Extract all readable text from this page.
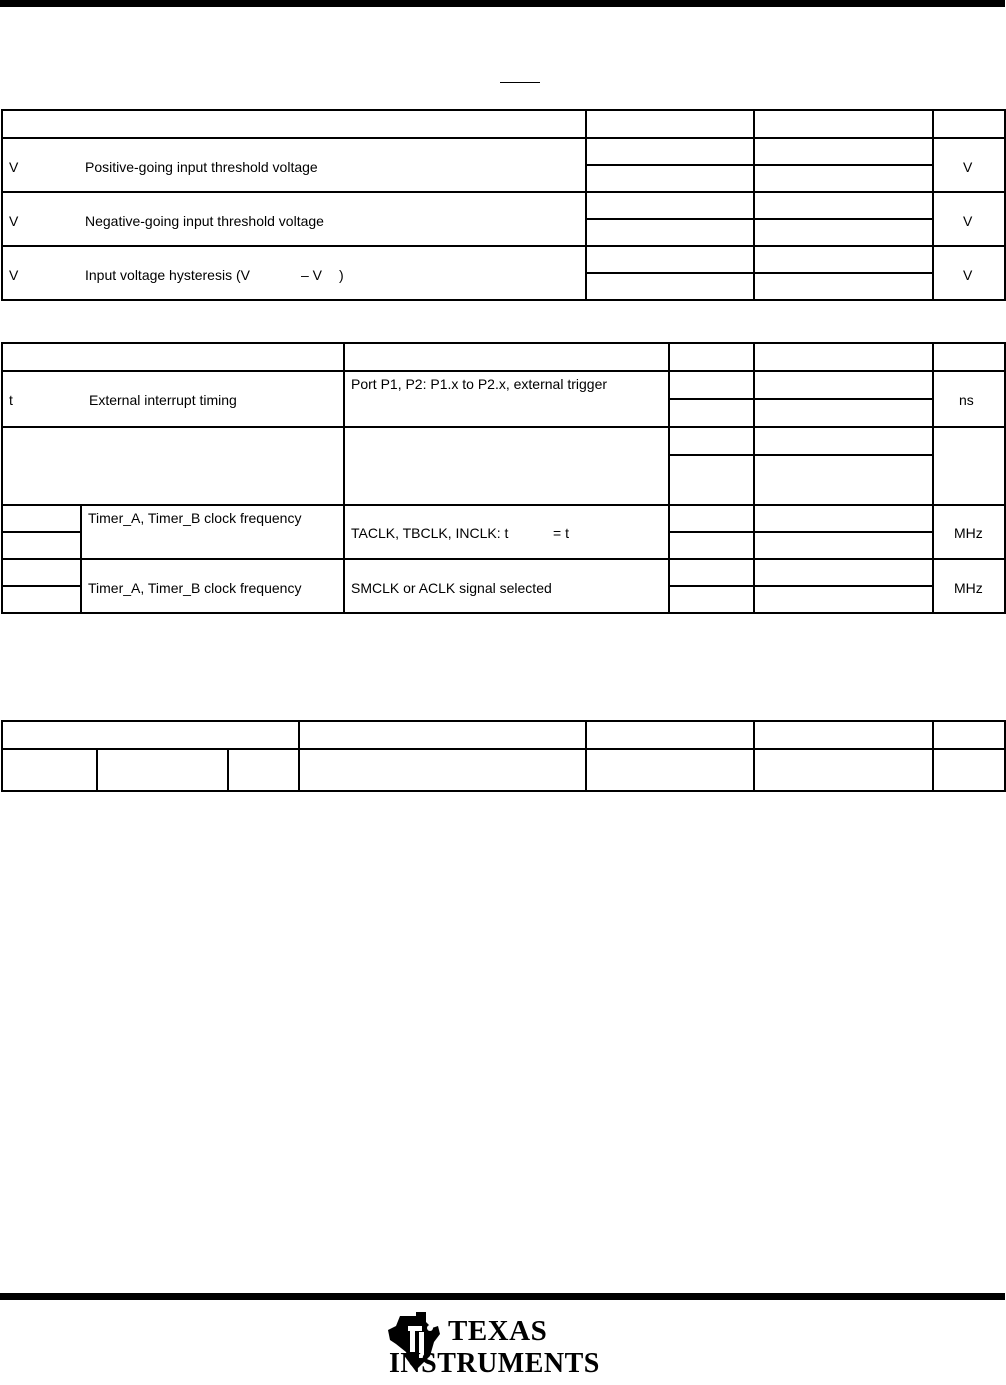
V Positive-going input threshold voltage			V

V Negative-going input threshold voltage			V

V Input voltage hysteresis (V – V )			V

t External interrupt timing		Port P1, P2: P1.x to P2.x, external trigger			ns

	Timer_A, Timer_B clock frequency	TACLK, TBCLK, INCLK: t = t			MHz

	Timer_A, Timer_B clock frequency	SMCLK or ACLK signal selected			MHz

TEXAS
INSTRUMENTS
